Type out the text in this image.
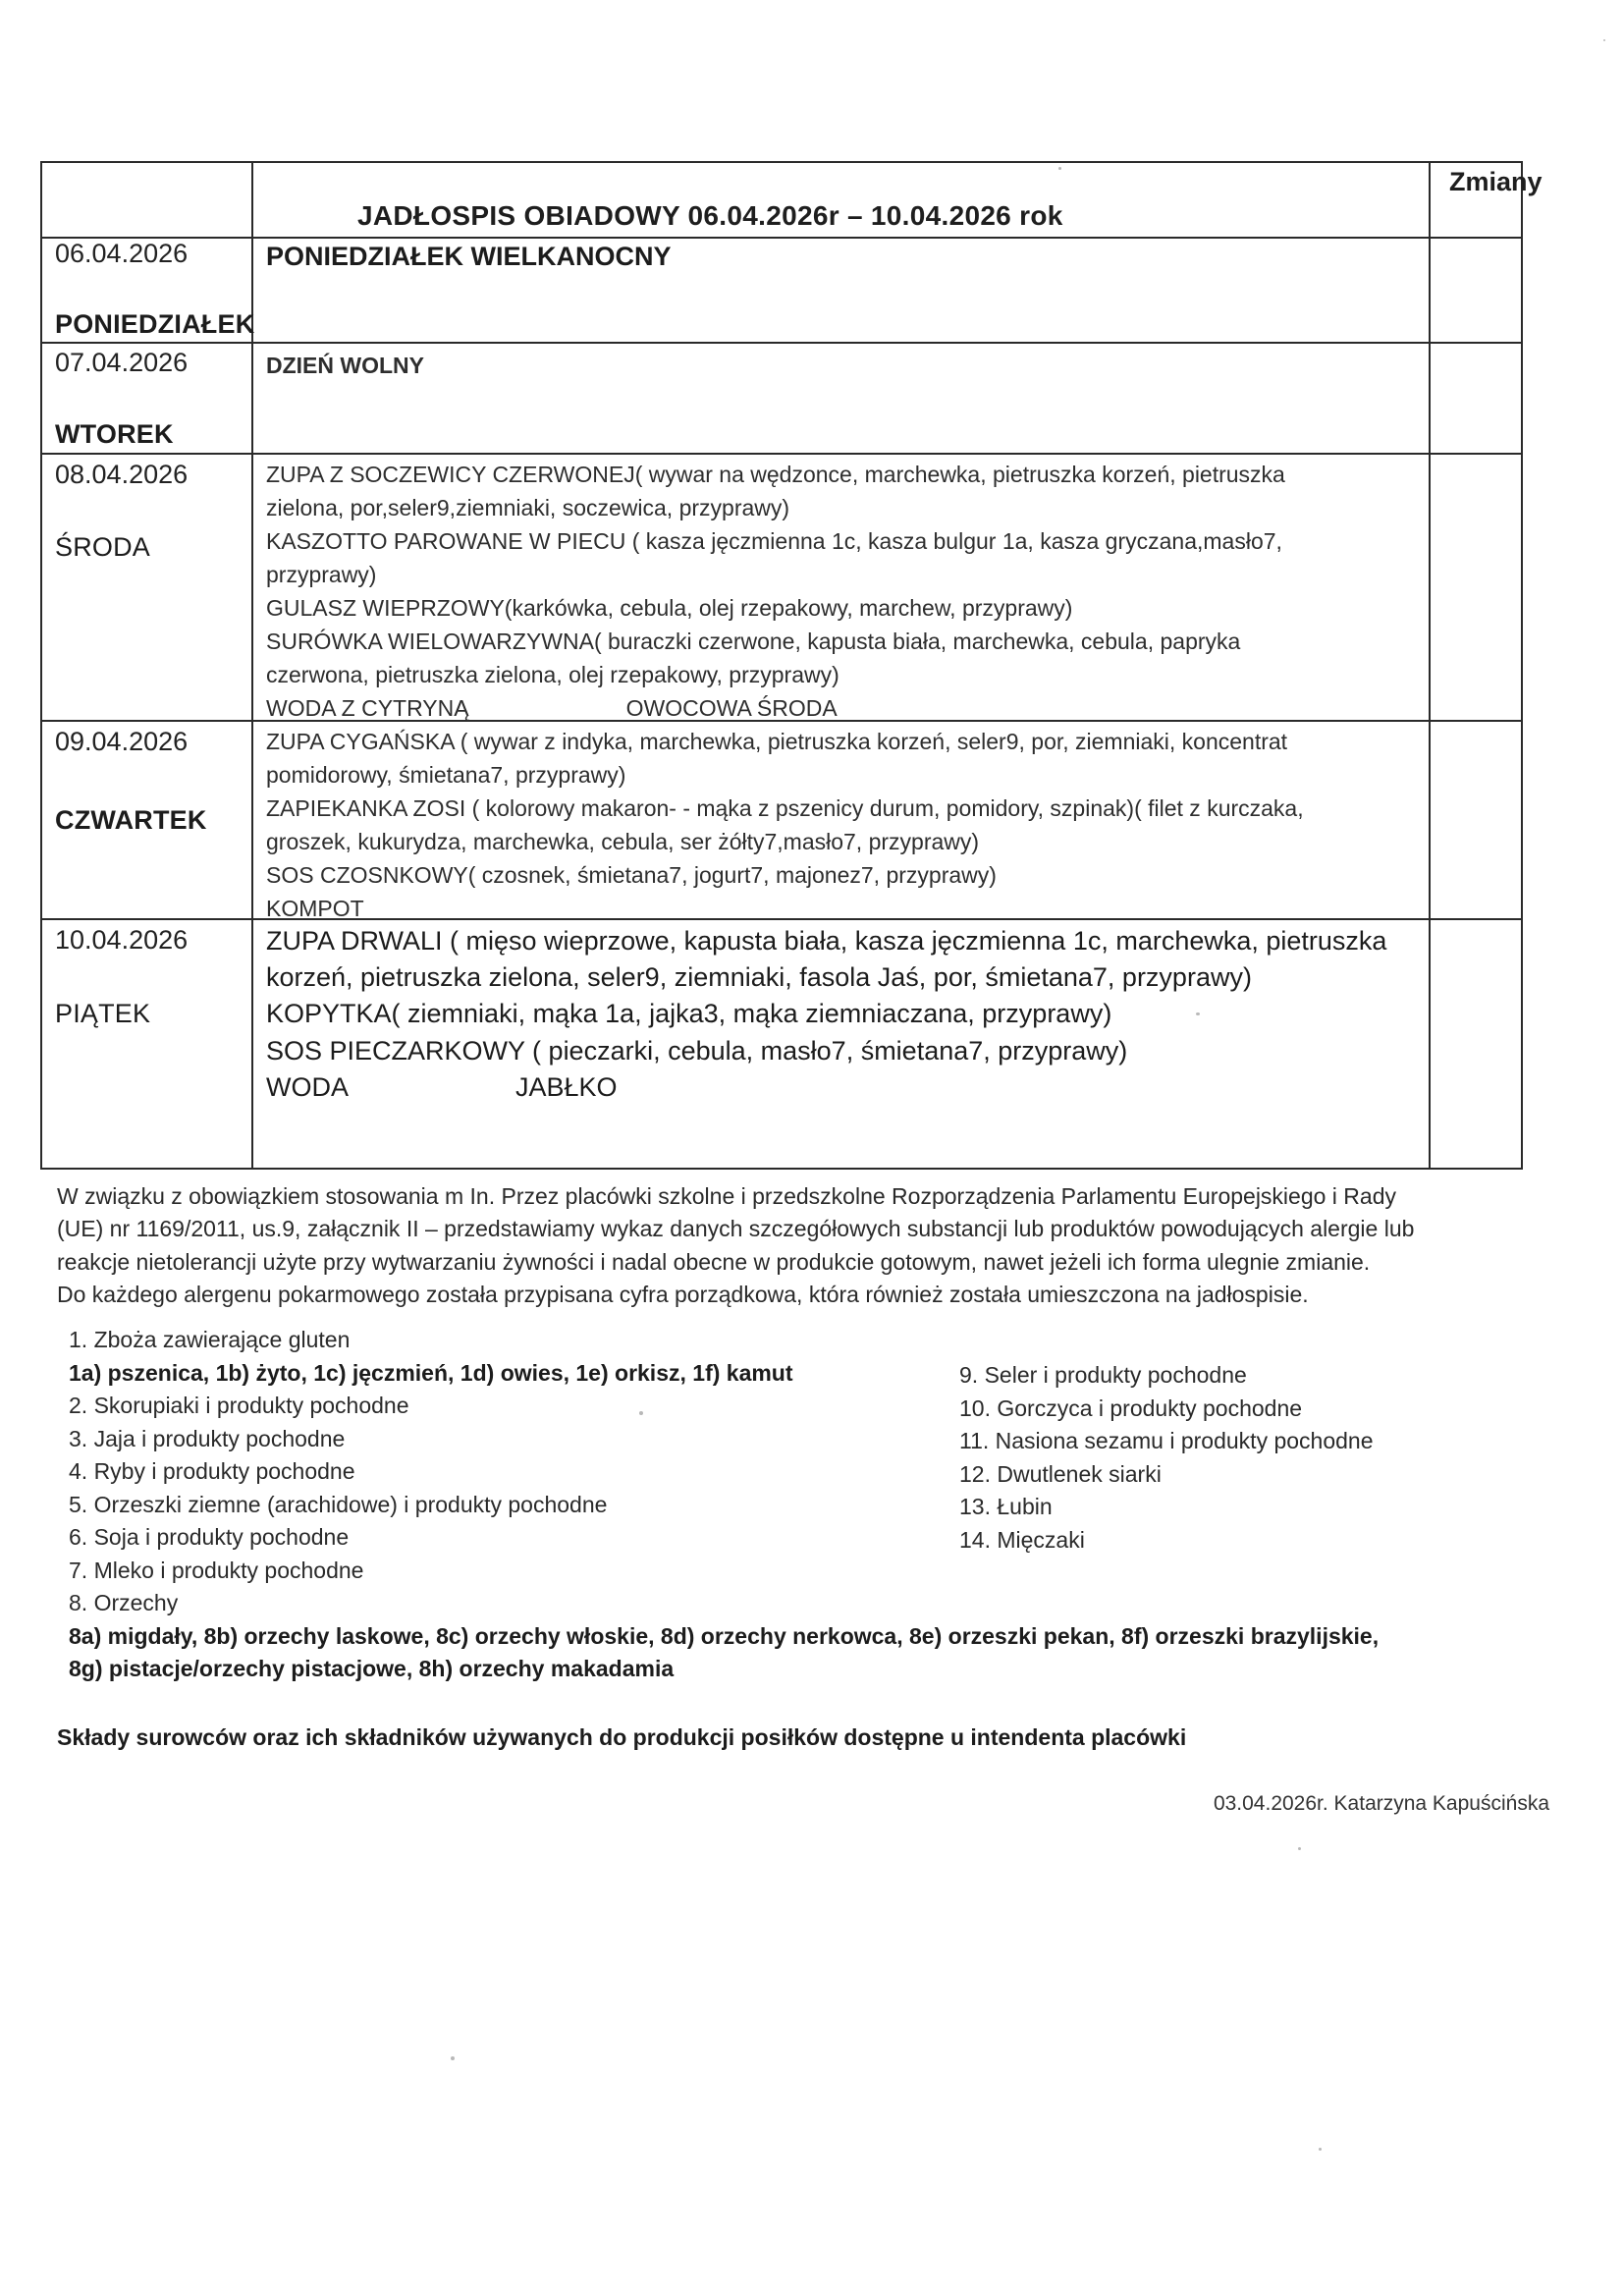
Zmiany
JADŁOSPIS OBIADOWY 06.04.2026r – 10.04.2026 rok
06.04.2026
PONIEDZIAŁEK
PONIEDZIAŁEK WIELKANOCNY
07.04.2026
WTOREK
DZIEŃ WOLNY
08.04.2026
ŚRODA
ZUPA Z SOCZEWICY CZERWONEJ( wywar na wędzonce, marchewka, pietruszka korzeń, pietruszka
zielona, por,seler9,ziemniaki, soczewica, przyprawy)
KASZOTTO PAROWANE W PIECU ( kasza jęczmienna 1c, kasza bulgur 1a, kasza gryczana,masło7,
przyprawy)
GULASZ WIEPRZOWY(karkówka, cebula, olej rzepakowy, marchew, przyprawy)
SURÓWKA WIELOWARZYWNA( buraczki czerwone, kapusta biała, marchewka, cebula, papryka
czerwona, pietruszka zielona, olej rzepakowy, przyprawy)
WODA Z CYTRYNĄ	OWOCOWA ŚRODA
09.04.2026
CZWARTEK
ZUPA CYGAŃSKA ( wywar z indyka, marchewka, pietruszka korzeń, seler9, por, ziemniaki, koncentrat
pomidorowy, śmietana7, przyprawy)
ZAPIEKANKA ZOSI ( kolorowy makaron- - mąka z pszenicy durum, pomidory, szpinak)( filet z kurczaka,
groszek, kukurydza, marchewka, cebula, ser żółty7,masło7, przyprawy)
SOS CZOSNKOWY( czosnek, śmietana7, jogurt7, majonez7, przyprawy)
KOMPOT
10.04.2026
PIĄTEK
ZUPA DRWALI ( mięso wieprzowe, kapusta biała, kasza jęczmienna 1c, marchewka, pietruszka
korzeń, pietruszka zielona, seler9, ziemniaki, fasola Jaś, por, śmietana7, przyprawy)
KOPYTKA( ziemniaki, mąka 1a, jajka3, mąka ziemniaczana, przyprawy)
SOS PIECZARKOWY ( pieczarki, cebula, masło7, śmietana7, przyprawy)
WODA	JABŁKO
W związku z obowiązkiem stosowania m In. Przez placówki szkolne i przedszkolne Rozporządzenia Parlamentu Europejskiego i Rady
(UE) nr 1169/2011, us.9, załącznik II – przedstawiamy wykaz danych szczegółowych substancji lub produktów powodujących alergie lub
reakcje nietolerancji użyte przy wytwarzaniu żywności i nadal obecne w produkcie gotowym, nawet jeżeli ich forma ulegnie zmianie.
Do każdego alergenu pokarmowego została przypisana cyfra porządkowa, która również została umieszczona na jadłospisie.
1. Zboża zawierające gluten
1a) pszenica, 1b) żyto, 1c) jęczmień, 1d) owies, 1e) orkisz, 1f) kamut
2. Skorupiaki i produkty pochodne
3. Jaja i produkty pochodne
4. Ryby i produkty pochodne
5. Orzeszki ziemne (arachidowe) i produkty pochodne
6. Soja i produkty pochodne
7. Mleko i produkty pochodne
8. Orzechy
8a) migdały, 8b) orzechy laskowe, 8c) orzechy włoskie, 8d) orzechy nerkowca, 8e) orzeszki pekan, 8f) orzeszki brazylijskie,
8g) pistacje/orzechy pistacjowe, 8h) orzechy makadamia
9. Seler i produkty pochodne
10. Gorczyca i produkty pochodne
11. Nasiona sezamu i produkty pochodne
12. Dwutlenek siarki
13. Łubin
14. Mięczaki
Składy surowców oraz ich składników używanych do produkcji posiłków dostępne u intendenta placówki
03.04.2026r. Katarzyna Kapuścińska
